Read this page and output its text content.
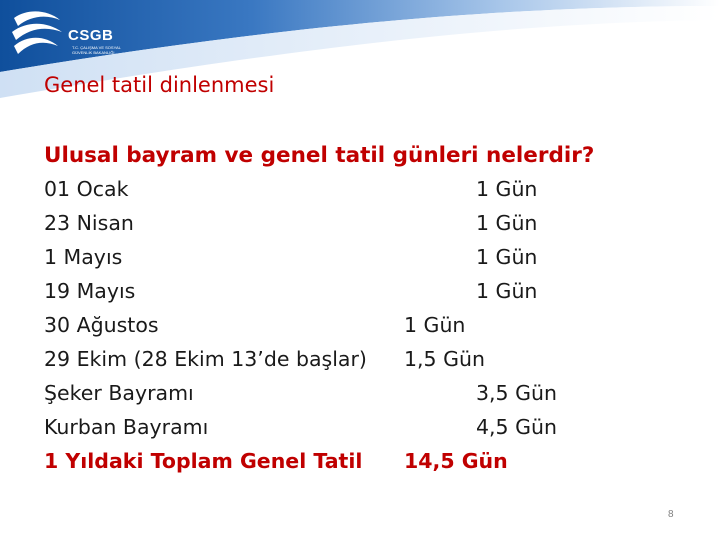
CSGB
T.C. ÇALIŞMA VE SOSYAL GÜVENLİK BAKANLIĞI
Genel tatil dinlenmesi
Ulusal bayram ve genel tatil günleri nelerdir?
01 Ocak	1 Gün
23 Nisan	1 Gün
1 Mayıs	1 Gün
19 Mayıs	1 Gün
30 Ağustos	1 Gün
29 Ekim (28 Ekim 13’de başlar) 1,5 Gün
Şeker Bayramı	3,5 Gün
Kurban Bayramı	4,5 Gün
1 Yıldaki Toplam Genel Tatil 14,5 Gün
8
